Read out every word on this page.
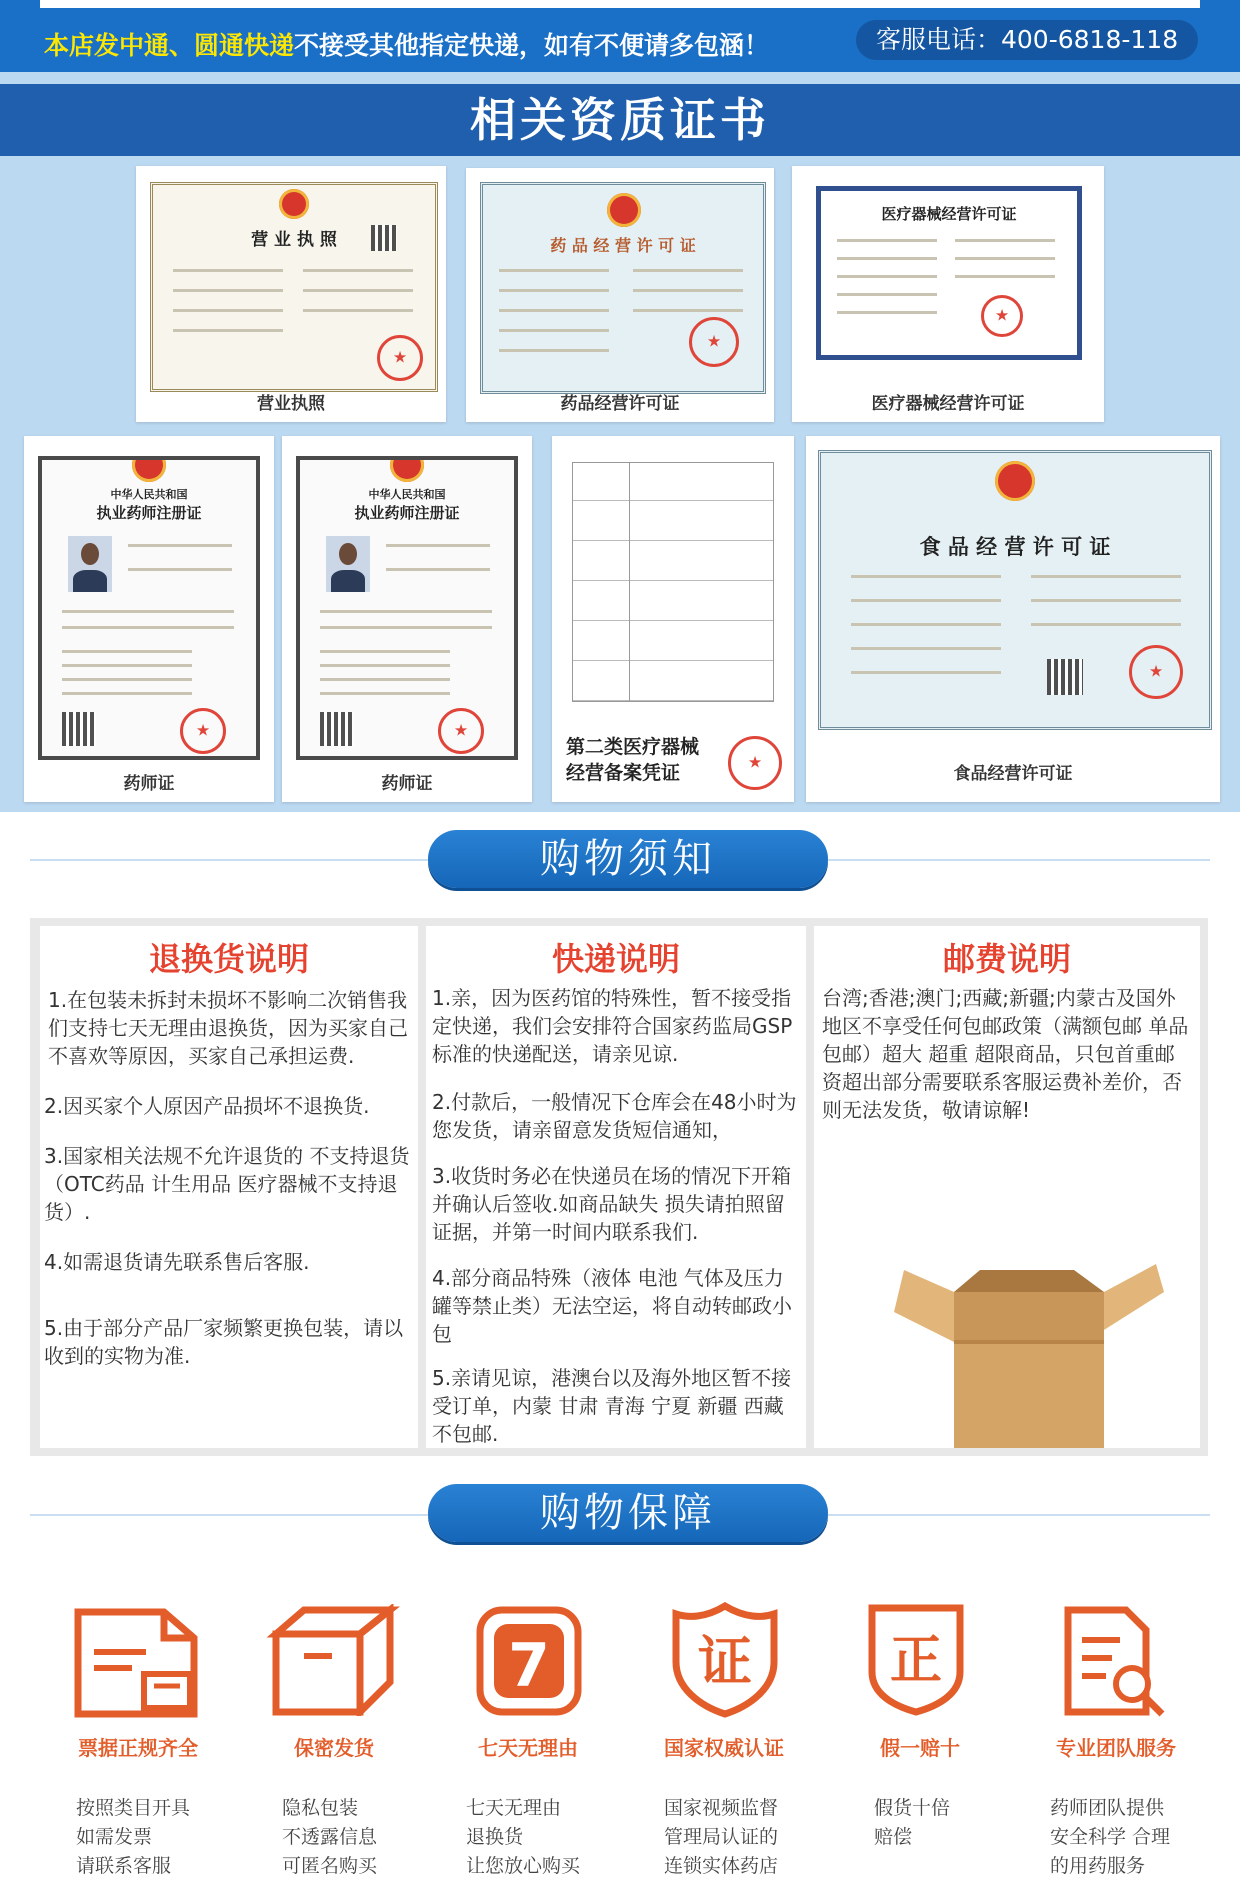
本店发中通、圆通快递不接受其他指定快递，如有不便请多包涵！	客服电话：400-6818-118
相关资质证书
营 业 执 照
★
营业执照
药 品 经 营 许 可 证
★
药品经营许可证
医疗器械经营许可证
★
医疗器械经营许可证
中华人民共和国
执业药师注册证
★
药师证
中华人民共和国
执业药师注册证
★
药师证
第二类医疗器械经营备案凭证
★
食 品 经 营 许 可 证
★
食品经营许可证
购物须知
退换货说明
1.在包装未拆封未损坏不影响二次销售我们支持七天无理由退换货，因为买家自己不喜欢等原因，买家自己承担运费.
2.因买家个人原因产品损坏不退换货.
3.国家相关法规不允许退货的 不支持退货（OTC药品 计生用品 医疗器械不支持退货）.
4.如需退货请先联系售后客服.
5.由于部分产品厂家频繁更换包装，请以收到的实物为准.
快递说明
1.亲，因为医药馆的特殊性，暂不接受指定快递，我们会安排符合国家药监局GSP标准的快递配送，请亲见谅.
2.付款后，一般情况下仓库会在48小时为您发货，请亲留意发货短信通知，
3.收货时务必在快递员在场的情况下开箱并确认后签收.如商品缺失 损失请拍照留证据，并第一时间内联系我们.
4.部分商品特殊（液体 电池 气体及压力罐等禁止类）无法空运，将自动转邮政小包
5.亲请见谅，港澳台以及海外地区暂不接受订单，内蒙 甘肃 青海 宁夏 新疆 西藏不包邮.
邮费说明
台湾;香港;澳门;西藏;新疆;内蒙古及国外地区不享受任何包邮政策（满额包邮 单品包邮）超大 超重 超限商品，只包首重邮资超出部分需要联系客服运费补差价，否则无法发货，敬请谅解!
购物保障
票据正规齐全
按照类目开具
如需发票
请联系客服
保密发货
隐私包装
不透露信息
可匿名购买
7
七天无理由
七天无理由
退换货
让您放心购买
证
国家权威认证
国家视频监督
管理局认证的
连锁实体药店
正
假一赔十
假货十倍
赔偿
专业团队服务
药师团队提供
安全科学 合理
的用药服务
